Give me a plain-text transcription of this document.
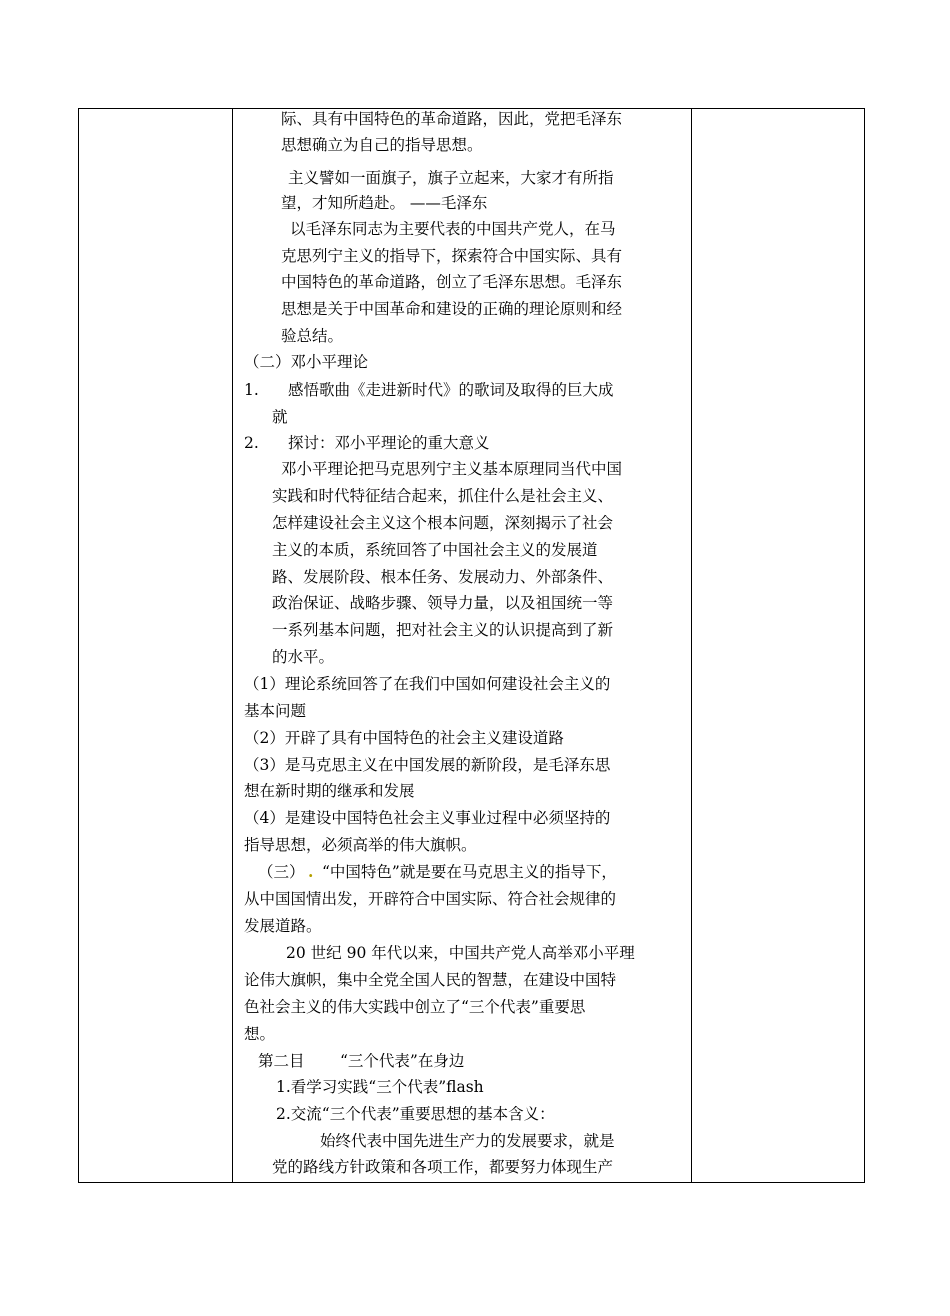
际、具有中国特色的革命道路，因此，党把毛泽东
思想确立为自己的指导思想。
主义譬如一面旗子，旗子立起来，大家才有所指
望，才知所趋赴。 ——毛泽东
以毛泽东同志为主要代表的中国共产党人，在马
克思列宁主义的指导下，探索符合中国实际、具有
中国特色的革命道路，创立了毛泽东思想。毛泽东
思想是关于中国革命和建设的正确的理论原则和经
验总结。
（二）邓小平理论
1. 感悟歌曲《走进新时代》的歌词及取得的巨大成
就
2. 探讨：邓小平理论的重大意义
邓小平理论把马克思列宁主义基本原理同当代中国
实践和时代特征结合起来，抓住什么是社会主义、
怎样建设社会主义这个根本问题，深刻揭示了社会
主义的本质，系统回答了中国社会主义的发展道
路、发展阶段、根本任务、发展动力、外部条件、
政治保证、战略步骤、领导力量，以及祖国统一等
一系列基本问题，把对社会主义的认识提高到了新
的水平。
（1）理论系统回答了在我们中国如何建设社会主义的
基本问题
（2）开辟了具有中国特色的社会主义建设道路
（3）是马克思主义在中国发展的新阶段，是毛泽东思
想在新时期的继承和发展
（4）是建设中国特色社会主义事业过程中必须坚持的
指导思想，必须高举的伟大旗帜。
（三） . “中国特色”就是要在马克思主义的指导下，
从中国国情出发，开辟符合中国实际、符合社会规律的
发展道路。
20 世纪 90 年代以来，中国共产党人高举邓小平理
论伟大旗帜，集中全党全国人民的智慧，在建设中国特
色社会主义的伟大实践中创立了“三个代表”重要思
想。
第二目 “三个代表”在身边
1.看学习实践“三个代表”flash
2.交流“三个代表”重要思想的基本含义：
始终代表中国先进生产力的发展要求，就是
党的路线方针政策和各项工作，都要努力体现生产
